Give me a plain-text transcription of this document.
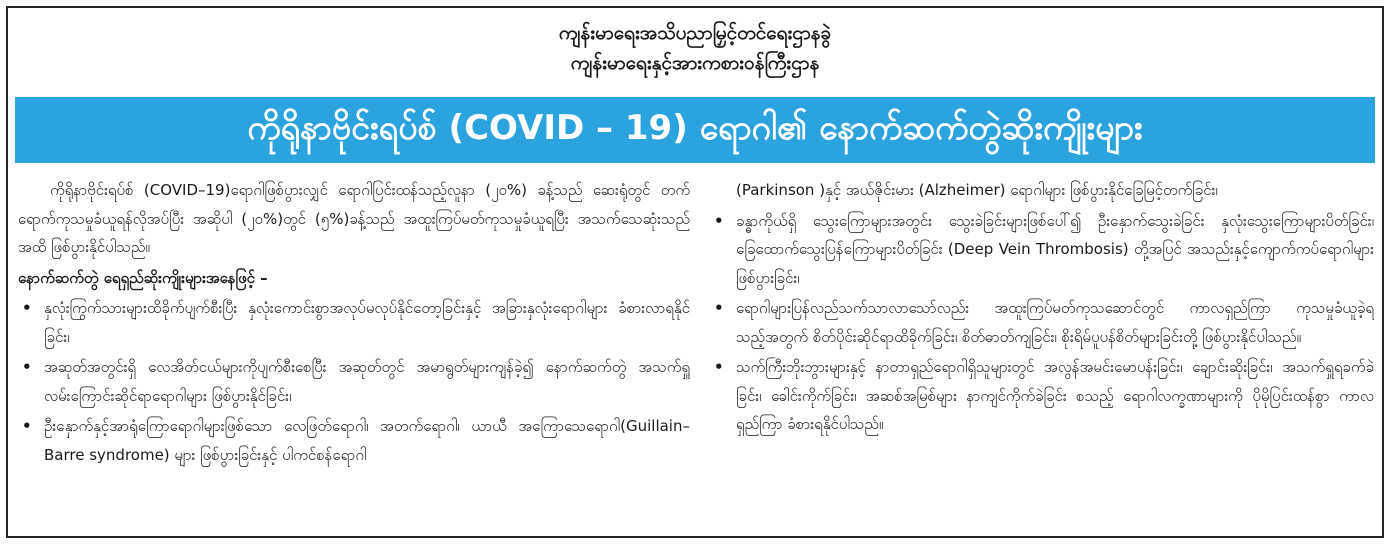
ကျန်းမာရေးအသိပညာမြှင့်တင်ရေးဌာနခွဲ
ကျန်းမာရေးနှင့်အားကစားဝန်ကြီးဌာန
ကိုရိုနာဗိုင်းရပ်စ် (COVID – 19) ရောဂါ၏ နောက်ဆက်တွဲဆိုးကျိုးများ

ကိုရိုနာဗိုင်းရပ်စ် (COVID–19)ရောဂါဖြစ်ပွားလျှင် ရောဂါပြင်းထန်သည့်လူနာ (၂၀%) ခန့်သည် ဆေးရုံတွင် တက်ရောက်ကုသမှုခံယူရန်လိုအပ်ပြီး အဆိုပါ (၂၀%)တွင် (၅%)ခန့်သည် အထူးကြပ်မတ်ကုသမှုခံယူရပြီး အသက်သေဆုံးသည်အထိ ဖြစ်ပွားနိုင်ပါသည်။

နောက်ဆက်တွဲ ရေရှည်ဆိုးကျိုးများအနေဖြင့် –

• နှလုံးကြွက်သားများထိခိုက်ပျက်စီးပြီး နှလုံးကောင်းစွာအလုပ်မလုပ်နိုင်တော့ခြင်းနှင့် အခြားနှလုံးရောဂါများ ခံစားလာရနိုင်ခြင်း၊
• အဆုတ်အတွင်းရှိ လေအိတ်ငယ်များကိုပျက်စီးစေပြီး အဆုတ်တွင် အမာရွတ်များကျန်ခဲ့၍ နောက်ဆက်တွဲ အသက်ရှူလမ်းကြောင်းဆိုင်ရာရောဂါများ ဖြစ်ပွားနိုင်ခြင်း၊
• ဦးနှောက်နှင့်အာရုံကြောရောဂါများဖြစ်သော လေဖြတ်ရောဂါ၊ အတက်ရောဂါ၊ ယာယီ အကြောသေရောဂါ(Guillain–Barre syndrome) များ ဖြစ်ပွားခြင်းနှင့် ပါကင်စန်ရောဂါ

(Parkinson )နှင့် အယ်ဇိုင်းမား (Alzheimer) ရောဂါများ ဖြစ်ပွားနိုင်ခြေမြင့်တက်ခြင်း၊

• ခန္ဓာကိုယ်ရှိ သွေးကြောများအတွင်း သွေးခဲခြင်းများဖြစ်ပေါ်၍ ဦးနှောက်သွေးခဲခြင်း နှလုံးသွေးကြောများပိတ်ခြင်း၊ ခြေထောက်သွေးပြန်ကြောများပိတ်ခြင်း (Deep Vein Thrombosis) တို့အပြင် အသည်းနှင့်ကျောက်ကပ်ရောဂါများ ဖြစ်ပွားခြင်း၊
• ရောဂါများပြန်လည်သက်သာလာသော်လည်း အထူးကြပ်မတ်ကုသဆောင်တွင် ကာလရှည်ကြာ ကုသမှုခံယူခဲ့ရသည့်အတွက် စိတ်ပိုင်းဆိုင်ရာထိခိုက်ခြင်း၊ စိတ်ဓာတ်ကျခြင်း၊ စိုးရိမ်ပူပန်စိတ်များခြင်းတို့ ဖြစ်ပွားနိုင်ပါသည်။
• သက်ကြီးဘိုးဘွားများနှင့် နာတာရှည်ရောဂါရှိသူများတွင် အလွန်အမင်းမောပန်းခြင်း၊ ချောင်းဆိုးခြင်း၊ အသက်ရှူရခက်ခဲခြင်း၊ ခေါင်းကိုက်ခြင်း၊ အဆစ်အမြစ်များ နာကျင်ကိုက်ခဲခြင်း စသည့် ရောဂါလက္ခဏာများကို ပိုမိုပြင်းထန်စွာ ကာလရှည်ကြာ ခံစားရနိုင်ပါသည်။
